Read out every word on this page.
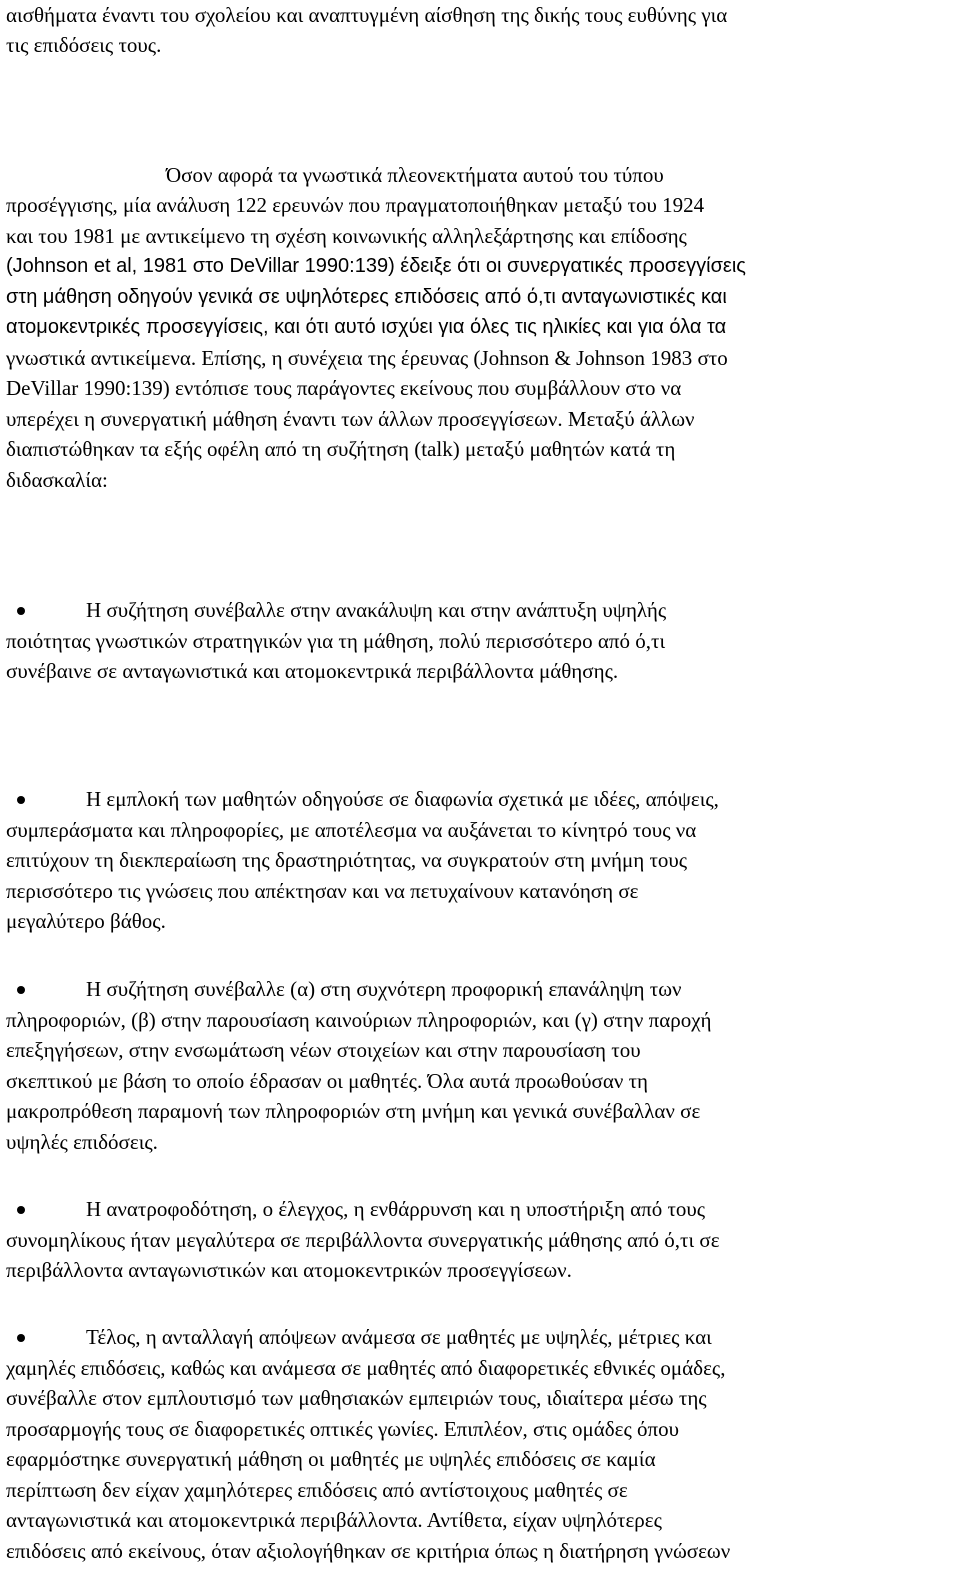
αισθήματα έναντι του σχολείου και αναπτυγμένη αίσθηση της δικής τους ευθύνης για
τις επιδόσεις τους.
Όσον αφορά τα γνωστικά πλεονεκτήματα αυτού του τύπου
προσέγγισης, μία ανάλυση 122 ερευνών που πραγματοποιήθηκαν μεταξύ του 1924
και του 1981 με αντικείμενο τη σχέση κοινωνικής αλληλεξάρτησης και επίδοσης
(Johnson et al, 1981 στο DeVillar 1990:139) έδειξε ότι οι συνεργατικές προσεγγίσεις
στη μάθηση οδηγούν γενικά σε υψηλότερες επιδόσεις από ό,τι ανταγωνιστικές και
ατομοκεντρικές προσεγγίσεις, και ότι αυτό ισχύει για όλες τις ηλικίες και για όλα τα
γνωστικά αντικείμενα. Επίσης, η συνέχεια της έρευνας (Johnson & Johnson 1983 στο
DeVillar 1990:139) εντόπισε τους παράγοντες εκείνους που συμβάλλουν στο να
υπερέχει η συνεργατική μάθηση έναντι των άλλων προσεγγίσεων. Μεταξύ άλλων
διαπιστώθηκαν τα εξής οφέλη από τη συζήτηση (talk) μεταξύ μαθητών κατά τη
διδασκαλία:
Η συζήτηση συνέβαλλε στην ανακάλυψη και στην ανάπτυξη υψηλής
ποιότητας γνωστικών στρατηγικών για τη μάθηση, πολύ περισσότερο από ό,τι
συνέβαινε σε ανταγωνιστικά και ατομοκεντρικά περιβάλλοντα μάθησης.
Η εμπλοκή των μαθητών οδηγούσε σε διαφωνία σχετικά με ιδέες, απόψεις,
συμπεράσματα και πληροφορίες, με αποτέλεσμα να αυξάνεται το κίνητρό τους να
επιτύχουν τη διεκπεραίωση της δραστηριότητας, να συγκρατούν στη μνήμη τους
περισσότερο τις γνώσεις που απέκτησαν και να πετυχαίνουν κατανόηση σε
μεγαλύτερο βάθος.
Η συζήτηση συνέβαλλε (α) στη συχνότερη προφορική επανάληψη των
πληροφοριών, (β) στην παρουσίαση καινούριων πληροφοριών, και (γ) στην παροχή
επεξηγήσεων, στην ενσωμάτωση νέων στοιχείων και στην παρουσίαση του
σκεπτικού με βάση το οποίο έδρασαν οι μαθητές. Όλα αυτά προωθούσαν τη
μακροπρόθεση παραμονή των πληροφοριών στη μνήμη και γενικά συνέβαλλαν σε
υψηλές επιδόσεις.
Η ανατροφοδότηση, ο έλεγχος, η ενθάρρυνση και η υποστήριξη από τους
συνομηλίκους ήταν μεγαλύτερα σε περιβάλλοντα συνεργατικής μάθησης από ό,τι σε
περιβάλλοντα ανταγωνιστικών και ατομοκεντρικών προσεγγίσεων.
Τέλος, η ανταλλαγή απόψεων ανάμεσα σε μαθητές με υψηλές, μέτριες και
χαμηλές επιδόσεις, καθώς και ανάμεσα σε μαθητές από διαφορετικές εθνικές ομάδες,
συνέβαλλε στον εμπλουτισμό των μαθησιακών εμπειριών τους, ιδιαίτερα μέσω της
προσαρμογής τους σε διαφορετικές οπτικές γωνίες. Επιπλέον, στις ομάδες όπου
εφαρμόστηκε συνεργατική μάθηση οι μαθητές με υψηλές επιδόσεις σε καμία
περίπτωση δεν είχαν χαμηλότερες επιδόσεις από αντίστοιχους μαθητές σε
ανταγωνιστικά και ατομοκεντρικά περιβάλλοντα. Αντίθετα, είχαν υψηλότερες
επιδόσεις από εκείνους, όταν αξιολογήθηκαν σε κριτήρια όπως η διατήρηση γνώσεων
